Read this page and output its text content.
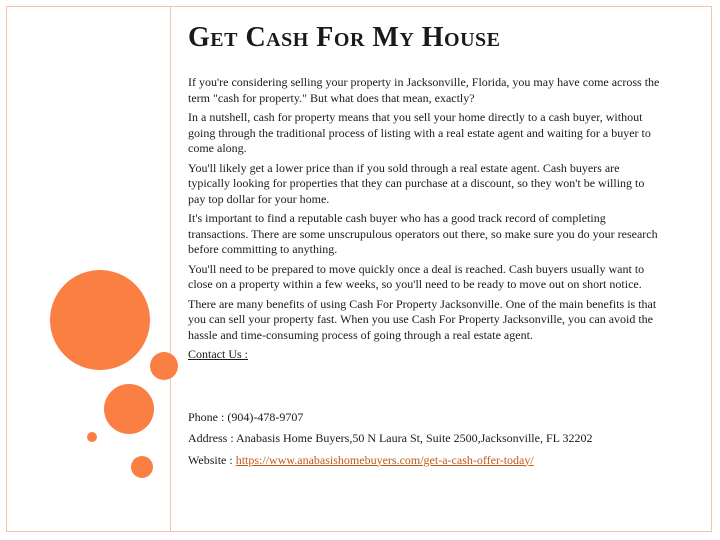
Get Cash For My House

If you're considering selling your property in Jacksonville, Florida, you may have come across the term "cash for property." But what does that mean, exactly?

In a nutshell, cash for property means that you sell your home directly to a cash buyer, without going through the traditional process of listing with a real estate agent and waiting for a buyer to come along.

You'll likely get a lower price than if you sold through a real estate agent. Cash buyers are typically looking for properties that they can purchase at a discount, so they won't be willing to pay top dollar for your home.

It's important to find a reputable cash buyer who has a good track record of completing transactions. There are some unscrupulous operators out there, so make sure you do your research before committing to anything.

You'll need to be prepared to move quickly once a deal is reached. Cash buyers usually want to close on a property within a few weeks, so you'll need to be ready to move out on short notice.

There are many benefits of using Cash For Property Jacksonville. One of the main benefits is that you can sell your property fast. When you use Cash For Property Jacksonville, you can avoid the hassle and time-consuming process of going through a real estate agent.

Contact Us :

Phone : (904)-478-9707

Address : Anabasis Home Buyers,50 N Laura St, Suite 2500,Jacksonville, FL 32202

Website : https://www.anabasishomebuyers.com/get-a-cash-offer-today/
